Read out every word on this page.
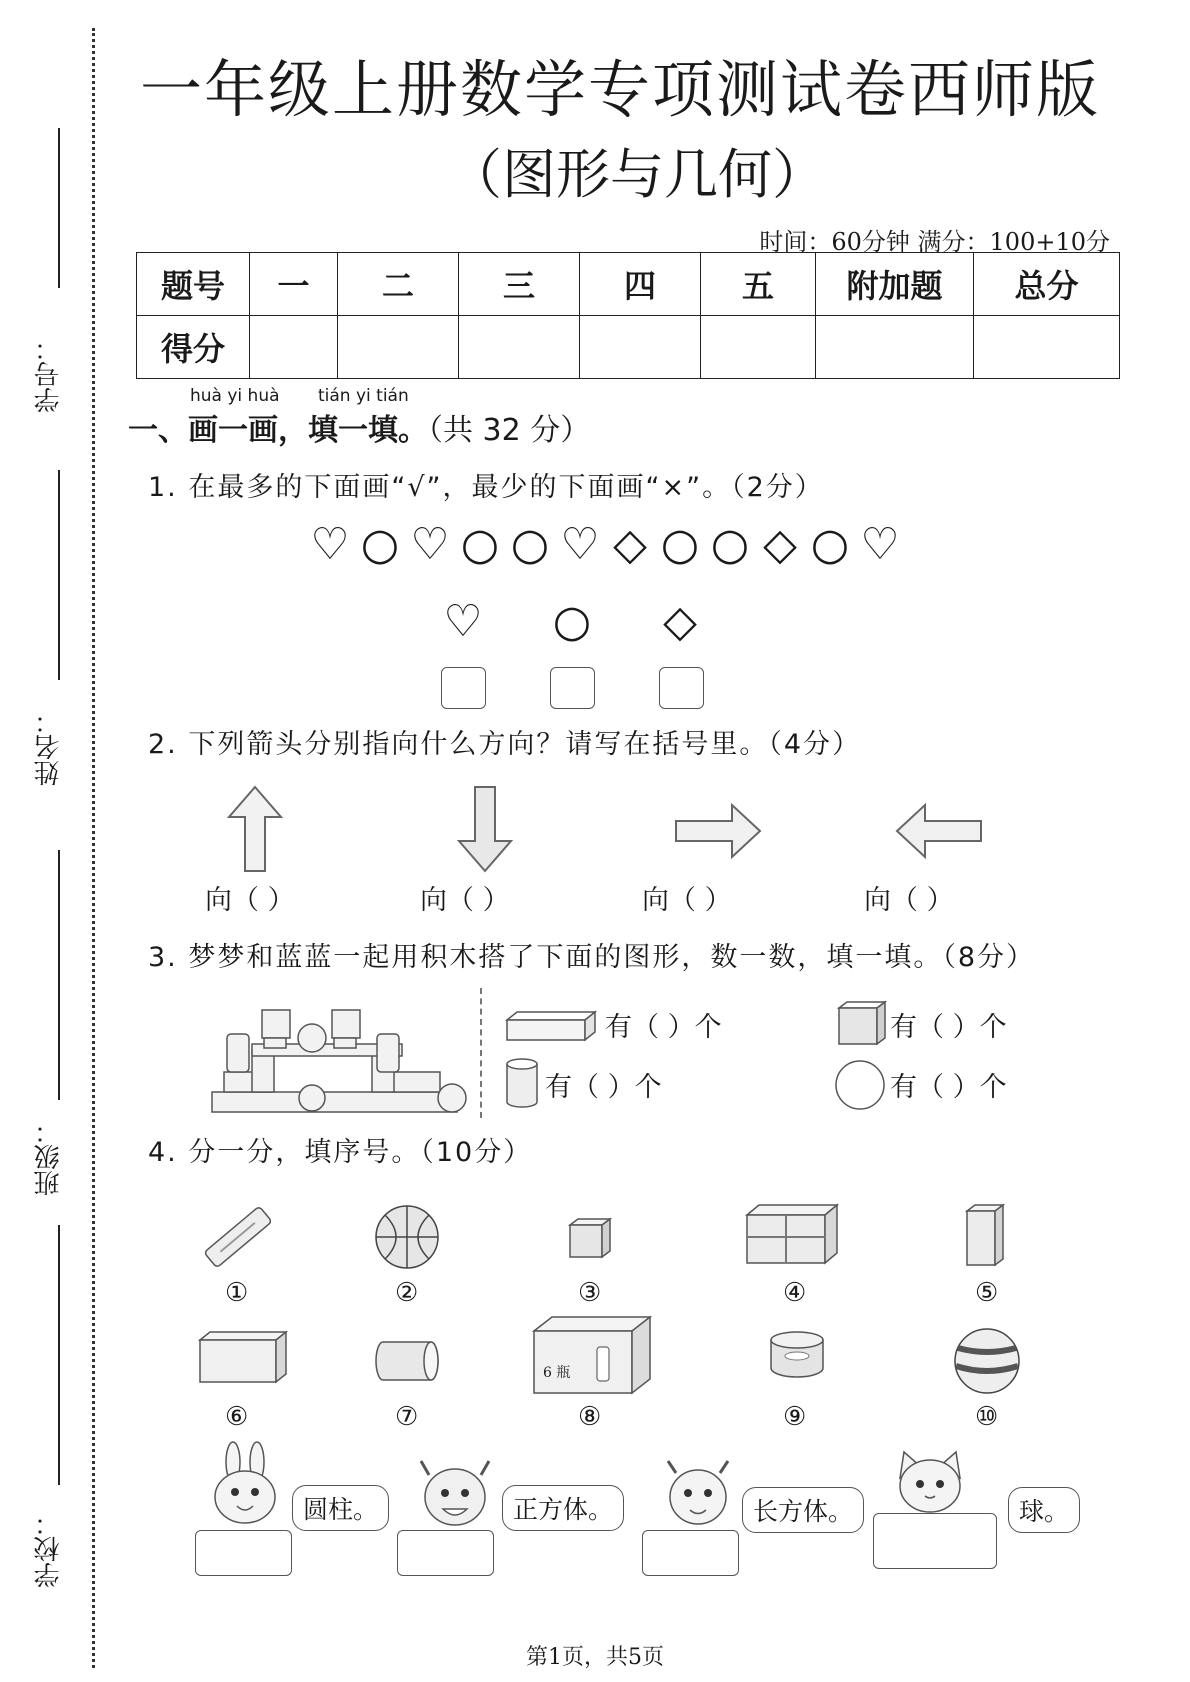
学号：
姓名：
班级：
学校：
一年级上册数学专项测试卷西师版
（图形与几何）
时间：60分钟 满分：100+10分
题号	一	二	三	四	五	附加题	总分
得分							
huà yi huà tián yi tián
一、画一画，填一填。（共 32 分）
1. 在最多的下面画“√”，最少的下面画“×”。（2分）
♡ ○ ♡ ○ ○ ♡ ◇ ○ ○ ◇ ○ ♡
♡ ○ ◇
2. 下列箭头分别指向什么方向？请写在括号里。（4分）
向（ ）	向（ ）	向（ ）	向（ ）
3. 梦梦和蓝蓝一起用积木搭了下面的图形，数一数，填一填。（8分）
有（ ）个	有（ ）个
有（ ）个	有（ ）个
4. 分一分，填序号。（10分）
①	②	③	④	⑤
6 瓶
⑥	⑦	⑧	⑨	⑩
圆柱。	正方体。	长方体。	球。
第1页，共5页
